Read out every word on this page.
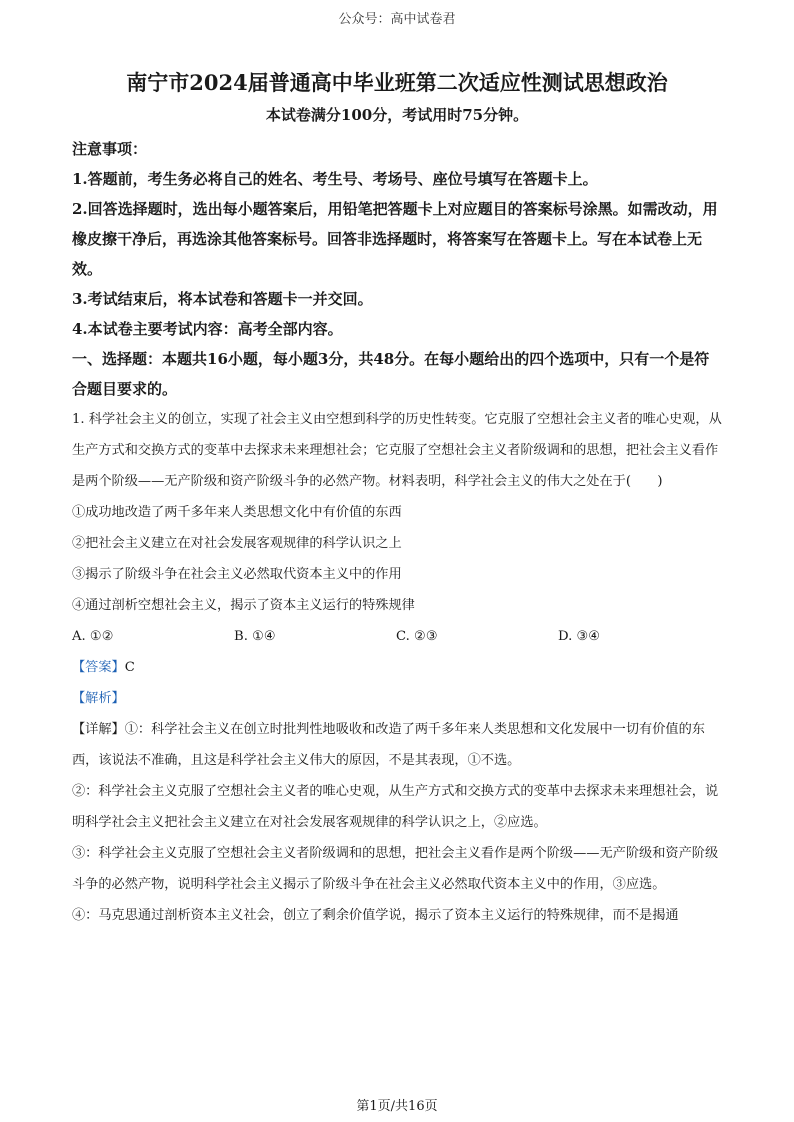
公众号：高中试卷君
南宁市2024届普通高中毕业班第二次适应性测试思想政治
本试卷满分100分，考试用时75分钟。

注意事项：

1.答题前，考生务必将自己的姓名、考生号、考场号、座位号填写在答题卡上。

2.回答选择题时，选出每小题答案后，用铅笔把答题卡上对应题目的答案标号涂黑。如需改动，用橡皮擦干净后，再选涂其他答案标号。回答非选择题时，将答案写在答题卡上。写在本试卷上无效。

3.考试结束后，将本试卷和答题卡一并交回。

4.本试卷主要考试内容：高考全部内容。

一、选择题：本题共16小题，每小题3分，共48分。在每小题给出的四个选项中，只有一个是符合题目要求的。

1. 科学社会主义的创立，实现了社会主义由空想到科学的历史性转变。它克服了空想社会主义者的唯心史观，从生产方式和交换方式的变革中去探求未来理想社会；它克服了空想社会主义者阶级调和的思想，把社会主义看作是两个阶级——无产阶级和资产阶级斗争的必然产物。材料表明，科学社会主义的伟大之处在于(　　)

①成功地改造了两千多年来人类思想文化中有价值的东西

②把社会主义建立在对社会发展客观规律的科学认识之上

③揭示了阶级斗争在社会主义必然取代资本主义中的作用

④通过剖析空想社会主义，揭示了资本主义运行的特殊规律

A. ①②	B. ①④	C. ②③	D. ③④

【答案】C

【解析】

【详解】①：科学社会主义在创立时批判性地吸收和改造了两千多年来人类思想和文化发展中一切有价值的东西，该说法不准确，且这是科学社会主义伟大的原因，不是其表现，①不选。

②：科学社会主义克服了空想社会主义者的唯心史观，从生产方式和交换方式的变革中去探求未来理想社会，说明科学社会主义把社会主义建立在对社会发展客观规律的科学认识之上，②应选。

③：科学社会主义克服了空想社会主义者阶级调和的思想，把社会主义看作是两个阶级——无产阶级和资产阶级斗争的必然产物，说明科学社会主义揭示了阶级斗争在社会主义必然取代资本主义中的作用，③应选。

④：马克思通过剖析资本主义社会，创立了剩余价值学说，揭示了资本主义运行的特殊规律，而不是揭通

第1页/共16页
